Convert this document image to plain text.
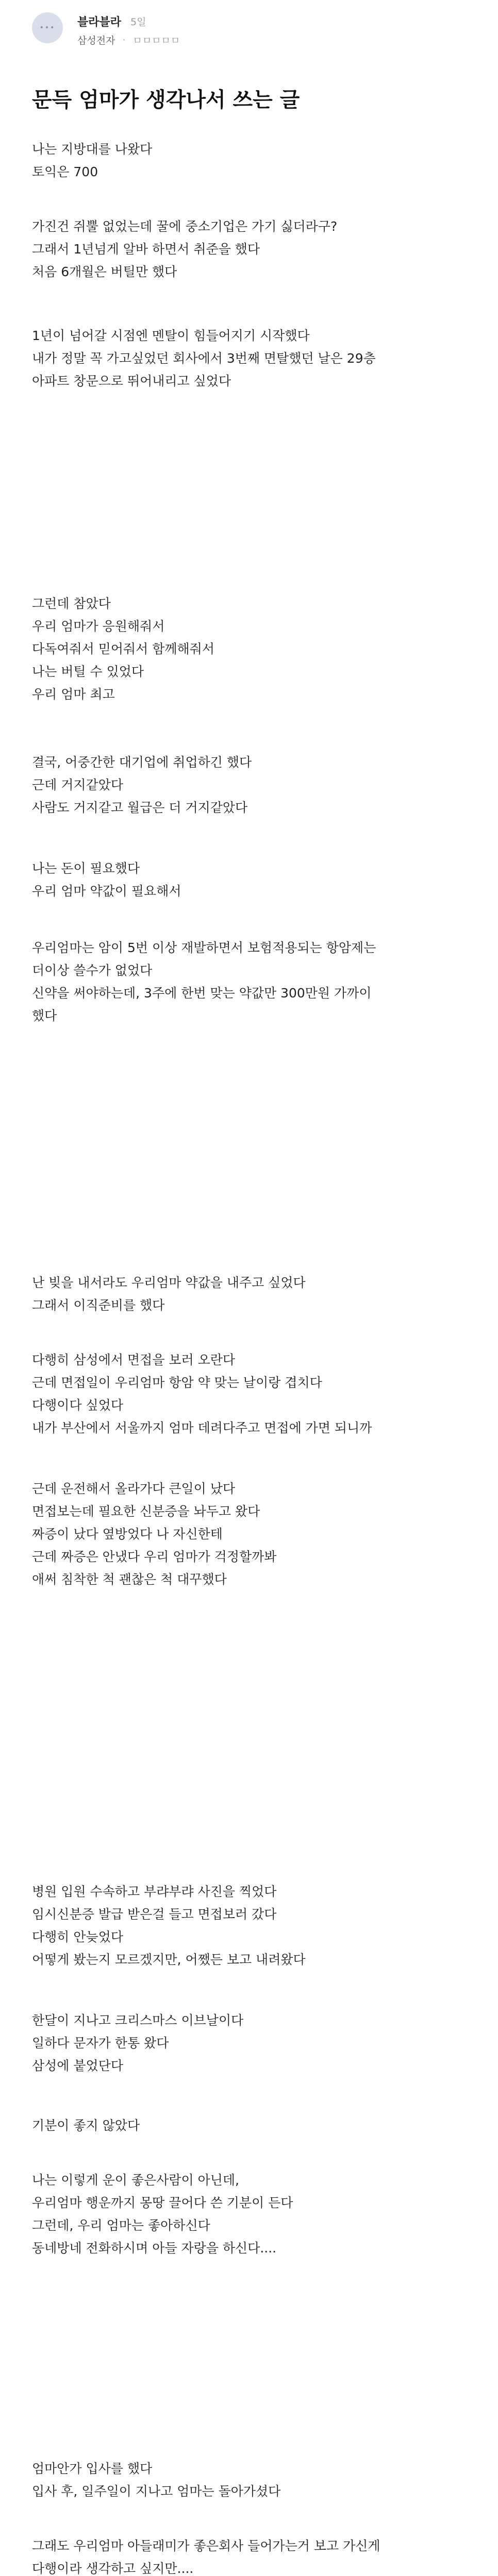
••• 블라블라 5일
삼성전자 · ㅁㅁㅁㅁㅁ
문득 엄마가 생각나서 쓰는 글

나는 지방대를 나왔다

토익은 700

가진건 쥐뿔 없었는데 꿀에 중소기업은 가기 싫더라구?

그래서 1년넘게 알바 하면서 취준을 했다

처음 6개월은 버틸만 했다

1년이 넘어갈 시점엔 멘탈이 힘들어지기 시작했다

내가 정말 꼭 가고싶었던 회사에서 3번째 면탈했던 날은 29층

아파트 창문으로 뛰어내리고 싶었다

그런데 참았다

우리 엄마가 응원해줘서

다독여줘서 믿어줘서 함께해줘서

나는 버틸 수 있었다

우리 엄마 최고

결국, 어중간한 대기업에 취업하긴 했다

근데 거지같았다

사람도 거지같고 월급은 더 거지같았다

나는 돈이 필요했다

우리 엄마 약값이 필요해서

우리엄마는 암이 5번 이상 재발하면서 보험적용되는 항암제는

더이상 쓸수가 없었다

신약을 써야하는데, 3주에 한번 맞는 약값만 300만원 가까이

했다

난 빚을 내서라도 우리엄마 약값을 내주고 싶었다

그래서 이직준비를 했다

다행히 삼성에서 면접을 보러 오란다

근데 면접일이 우리엄마 항암 약 맞는 날이랑 겹치다

다행이다 싶었다

내가 부산에서 서울까지 엄마 데려다주고 면접에 가면 되니까

근데 운전해서 올라가다 큰일이 났다

면접보는데 필요한 신분증을 놔두고 왔다

짜증이 났다 옆방었다 나 자신한테

근데 짜증은 안냈다 우리 엄마가 걱정할까봐

애써 침착한 척 괜찮은 척 대꾸했다

병원 입원 수속하고 부랴부랴 사진을 찍었다

임시신분증 발급 받은걸 들고 면접보러 갔다

다행히 안늦었다

어떻게 봤는지 모르겠지만, 어쨌든 보고 내려왔다

한달이 지나고 크리스마스 이브날이다

일하다 문자가 한통 왔다

삼성에 붙었단다

기분이 좋지 않았다

나는 이렇게 운이 좋은사람이 아닌데,

우리엄마 행운까지 몽땅 끌어다 쓴 기분이 든다

그런데, 우리 엄마는 좋아하신다

동네방네 전화하시며 아들 자랑을 하신다....

엄마안가 입사를 했다

입사 후, 일주일이 지나고 엄마는 돌아가셨다

그래도 우리엄마 아들래미가 좋은회사 들어가는거 보고 가신게

다행이라 생각하고 싶지만....
